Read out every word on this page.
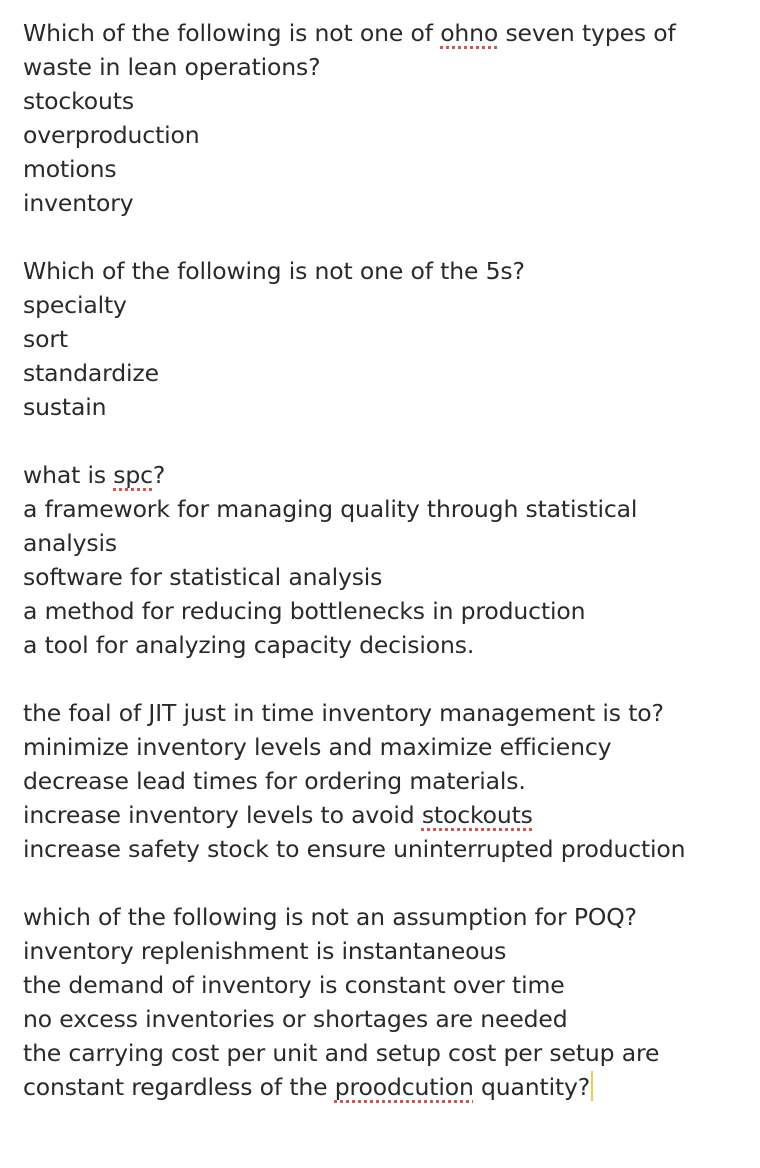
Which of the following is not one of ohno seven types of
waste in lean operations?
stockouts
overproduction
motions
inventory
Which of the following is not one of the 5s?
specialty
sort
standardize
sustain
what is spc?
a framework for managing quality through statistical
analysis
software for statistical analysis
a method for reducing bottlenecks in production
a tool for analyzing capacity decisions.
the foal of JIT just in time inventory management is to?
minimize inventory levels and maximize efficiency
decrease lead times for ordering materials.
increase inventory levels to avoid stockouts
increase safety stock to ensure uninterrupted production
which of the following is not an assumption for POQ?
inventory replenishment is instantaneous
the demand of inventory is constant over time
no excess inventories or shortages are needed
the carrying cost per unit and setup cost per setup are
constant regardless of the proodcution quantity?
